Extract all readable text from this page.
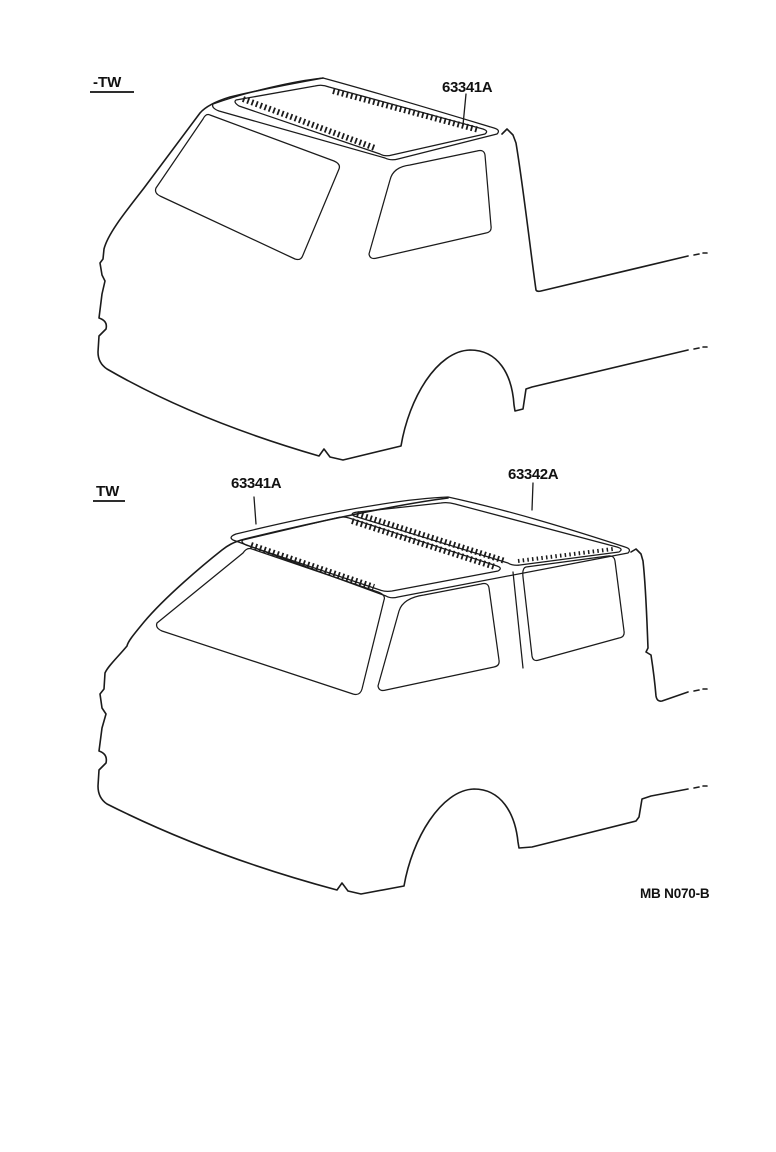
-TW	63341A
TW	63341A
63342A
MB N070-B
